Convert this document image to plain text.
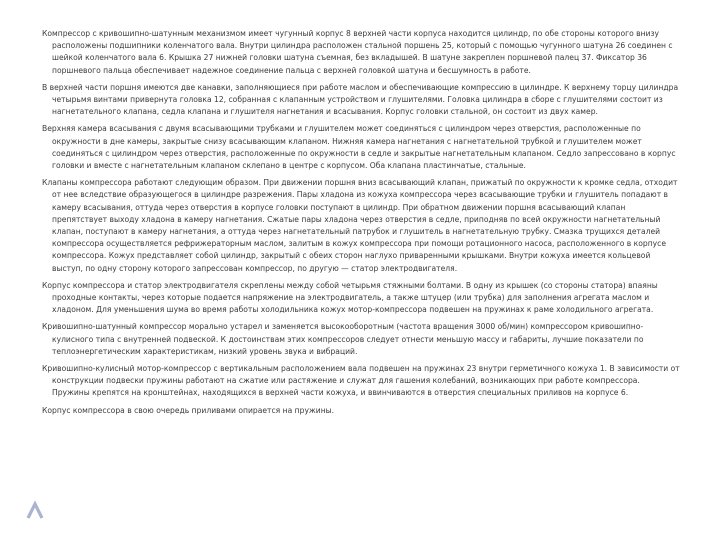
Компрессор с кривошипно-шатунным механизмом имеет чугунный корпус 8 верхней части корпуса находится цилиндр, по обе стороны которого внизу расположены подшипники коленчатого вала. Внутри цилиндра расположен стальной поршень 25, который с помощью чугунного шатуна 26 соединен с шейкой коленчатого вала 6. Крышка 27 нижней головки шатуна съемная, без вкладышей. В шатуне закреплен поршневой палец 37. Фиксатор 36 поршневого пальца обеспечивает надежное соединение пальца с верхней головкой шатуна и бесшумность в работе.

В верхней части поршня имеются две канавки, заполняющиеся при работе маслом и обеспечивающие компрессию в цилиндре. К верхнему торцу цилиндра четырьмя винтами привернута головка 12, собранная с клапанным устройством и глушителями. Головка цилиндра в сборе с глушителями состоит из нагнетательного клапана, седла клапана и глушителя нагнетания и всасывания. Корпус головки стальной, он состоит из двух камер.

Верхняя камера всасывания с двумя всасывающими трубками и глушителем может соединяться с цилиндром через отверстия, расположенные по окружности в дне камеры, закрытые снизу всасывающим клапаном. Нижняя камера нагнетания с нагнетательной трубкой и глушителем может соединяться с цилиндром через отверстия, расположенные по окружности в седле и закрытые нагнетательным клапаном. Седло запрессовано в корпус головки и вместе с нагнетательным клапаном склепано в центре с корпусом. Оба клапана пластинчатые, стальные.

Клапаны компрессора работают следующим образом. При движении поршня вниз всасывающий клапан, прижатый по окружности к кромке седла, отходит от нее вследствие образующегося в цилиндре разрежения. Пары хладона из кожуха компрессора через всасывающие трубки и глушитель попадают в камеру всасывания, оттуда через отверстия в корпусе головки поступают в цилиндр. При обратном движении поршня всасывающий клапан препятствует выходу хладона в камеру нагнетания. Сжатые пары хладона через отверстия в седле, приподняв по всей окружности нагнетательный клапан, поступают в камеру нагнетания, а оттуда через нагнетательный патрубок и глушитель в нагнетательную трубку. Смазка трущихся деталей компрессора осуществляется рефрижераторным маслом, залитым в кожух компрессора при помощи ротационного насоса, расположенного в корпусе компрессора. Кожух представляет собой цилиндр, закрытый с обеих сторон наглухо приваренными крышками. Внутри кожуха имеется кольцевой выступ, по одну сторону которого запрессован компрессор, по другую — статор электродвигателя.

Корпус компрессора и статор электродвигателя скреплены между собой четырьмя стяжными болтами. В одну из крышек (со стороны статора) впаяны проходные контакты, через которые подается напряжение на электродвигатель, а также штуцер (или трубка) для заполнения агрегата маслом и хладоном. Для уменьшения шума во время работы холодильника кожух мотор-компрессора подвешен на пружинах к раме холодильного агрегата.

Кривошипно-шатунный компрессор морально устарел и заменяется высокооборотным (частота вращения 3000 об/мин) компрессором кривошипно-кулисного типа с внутренней подвеской. К достоинствам этих компрессоров следует отнести меньшую массу и габариты, лучшие показатели по теплоэнергетическим характеристикам, низкий уровень звука и вибраций.

Кривошипно-кулисный мотор-компрессор с вертикальным расположением вала подвешен на пружинах 23 внутри герметичного кожуха 1. В зависимости от конструкции подвески пружины работают на сжатие или растяжение и служат для гашения колебаний, возникающих при работе компрессора. Пружины крепятся на кронштейнах, находящихся в верхней части кожуха, и ввинчиваются в отверстия специальных приливов на корпусе 6.

Корпус компрессора в свою очередь приливами опирается на пружины.
